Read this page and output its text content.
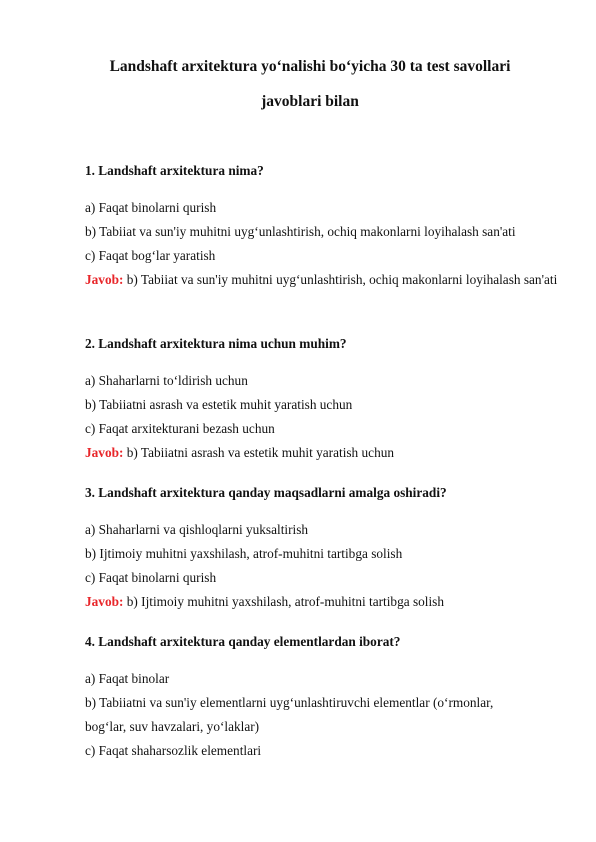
Landshaft arxitektura yo‘nalishi bo‘yicha 30 ta test savollari
javoblari bilan
1. Landshaft arxitektura nima?
a) Faqat binolarni qurish
b) Tabiiat va sun'iy muhitni uyg‘unlashtirish, ochiq makonlarni loyihalash san'ati
c) Faqat bog‘lar yaratish
Javob: b) Tabiiat va sun'iy muhitni uyg‘unlashtirish, ochiq makonlarni loyihalash san'ati
2. Landshaft arxitektura nima uchun muhim?
a) Shaharlarni to‘ldirish uchun
b) Tabiiatni asrash va estetik muhit yaratish uchun
c) Faqat arxitekturani bezash uchun
Javob: b) Tabiiatni asrash va estetik muhit yaratish uchun
3. Landshaft arxitektura qanday maqsadlarni amalga oshiradi?
a) Shaharlarni va qishloqlarni yuksaltirish
b) Ijtimoiy muhitni yaxshilash, atrof-muhitni tartibga solish
c) Faqat binolarni qurish
Javob: b) Ijtimoiy muhitni yaxshilash, atrof-muhitni tartibga solish
4. Landshaft arxitektura qanday elementlardan iborat?
a) Faqat binolar
b) Tabiiatni va sun'iy elementlarni uyg‘unlashtiruvchi elementlar (o‘rmonlar,
bog‘lar, suv havzalari, yo‘laklar)
c) Faqat shaharsozlik elementlari
